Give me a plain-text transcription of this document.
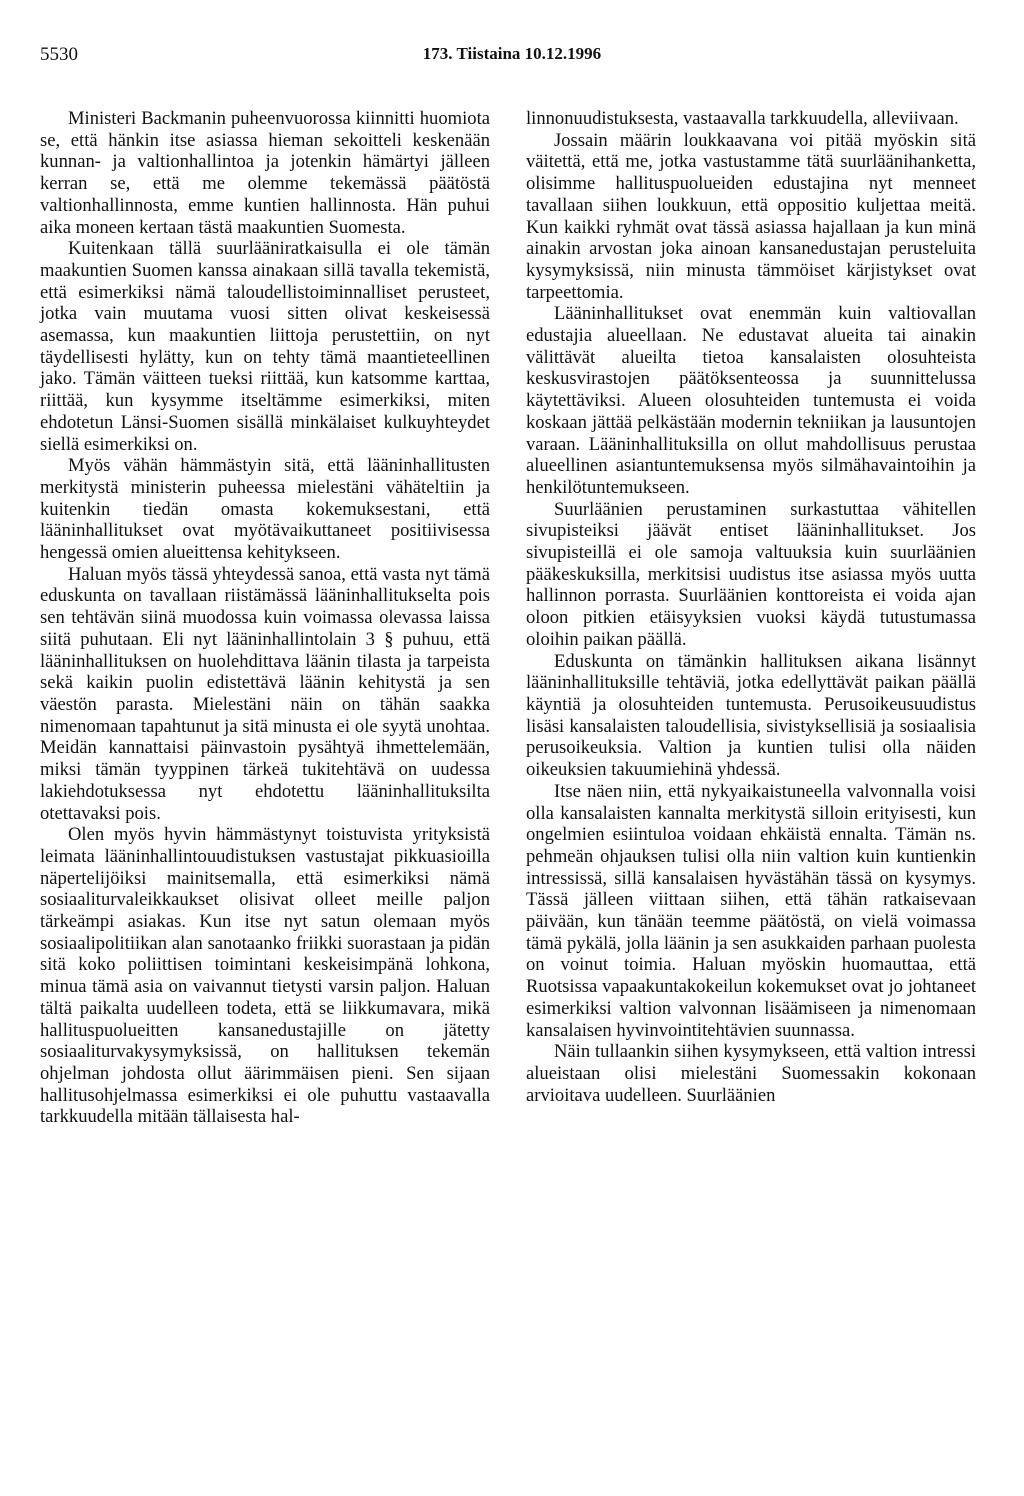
5530	173. Tiistaina 10.12.1996

Ministeri Backmanin puheenvuorossa kiinnitti huomiota se, että hänkin itse asiassa hieman sekoitteli keskenään kunnan- ja valtionhallintoa ja jotenkin hämärtyi jälleen kerran se, että me olemme tekemässä päätöstä valtionhallinnosta, emme kuntien hallinnosta. Hän puhui aika moneen kertaan tästä maakuntien Suomesta.

Kuitenkaan tällä suurlääniratkaisulla ei ole tämän maakuntien Suomen kanssa ainakaan sillä tavalla tekemistä, että esimerkiksi nämä taloudellistoiminnalliset perusteet, jotka vain muutama vuosi sitten olivat keskeisessä asemassa, kun maakuntien liittoja perustettiin, on nyt täydellisesti hylätty, kun on tehty tämä maantieteellinen jako. Tämän väitteen tueksi riittää, kun katsomme karttaa, riittää, kun kysymme itseltämme esimerkiksi, miten ehdotetun Länsi-Suomen sisällä minkälaiset kulkuyhteydet siellä esimerkiksi on.

Myös vähän hämmästyin sitä, että lääninhallitusten merkitystä ministerin puheessa mielestäni vähäteltiin ja kuitenkin tiedän omasta kokemuksestani, että lääninhallitukset ovat myötävaikuttaneet positiivisessa hengessä omien alueittensa kehitykseen.

Haluan myös tässä yhteydessä sanoa, että vasta nyt tämä eduskunta on tavallaan riistämässä lääninhallitukselta pois sen tehtävän siinä muodossa kuin voimassa olevassa laissa siitä puhutaan. Eli nyt lääninhallintolain 3 § puhuu, että lääninhallituksen on huolehdittava läänin tilasta ja tarpeista sekä kaikin puolin edistettävä läänin kehitystä ja sen väestön parasta. Mielestäni näin on tähän saakka nimenomaan tapahtunut ja sitä minusta ei ole syytä unohtaa. Meidän kannattaisi päinvastoin pysähtyä ihmettelemään, miksi tämän tyyppinen tärkeä tukitehtävä on uudessa lakiehdotuksessa nyt ehdotettu lääninhallituksilta otettavaksi pois.

Olen myös hyvin hämmästynyt toistuvista yrityksistä leimata lääninhallintouudistuksen vastustajat pikkuasioilla näpertelijöiksi mainitsemalla, että esimerkiksi nämä sosiaaliturvaleikkaukset olisivat olleet meille paljon tärkeämpi asiakas. Kun itse nyt satun olemaan myös sosiaalipolitiikan alan sanotaanko friikki suorastaan ja pidän sitä koko poliittisen toimintani keskeisimpänä lohkona, minua tämä asia on vaivannut tietysti varsin paljon. Haluan tältä paikalta uudelleen todeta, että se liikkumavara, mikä hallituspuolueitten kansanedustajille on jätetty sosiaaliturvakysymyksissä, on hallituksen tekemän ohjelman johdosta ollut äärimmäisen pieni. Sen sijaan hallitusohjelmassa esimerkiksi ei ole puhuttu vastaavalla tarkkuudella mitään tällaisesta hal-

linnonuudistuksesta, vastaavalla tarkkuudella, alleviivaan.

Jossain määrin loukkaavana voi pitää myöskin sitä väitettä, että me, jotka vastustamme tätä suurläänihanketta, olisimme hallituspuolueiden edustajina nyt menneet tavallaan siihen loukkuun, että oppositio kuljettaa meitä. Kun kaikki ryhmät ovat tässä asiassa hajallaan ja kun minä ainakin arvostan joka ainoan kansanedustajan perusteluita kysymyksissä, niin minusta tämmöiset kärjistykset ovat tarpeettomia.

Lääninhallitukset ovat enemmän kuin valtiovallan edustajia alueellaan. Ne edustavat alueita tai ainakin välittävät alueilta tietoa kansalaisten olosuhteista keskusvirastojen päätöksenteossa ja suunnittelussa käytettäviksi. Alueen olosuhteiden tuntemusta ei voida koskaan jättää pelkästään modernin tekniikan ja lausuntojen varaan. Lääninhallituksilla on ollut mahdollisuus perustaa alueellinen asiantuntemuksensa myös silmähavaintoihin ja henkilötuntemukseen.

Suurläänien perustaminen surkastuttaa vähitellen sivupisteiksi jäävät entiset lääninhallitukset. Jos sivupisteillä ei ole samoja valtuuksia kuin suurläänien pääkeskuksilla, merkitsisi uudistus itse asiassa myös uutta hallinnon porrasta. Suurläänien konttoreista ei voida ajan oloon pitkien etäisyyksien vuoksi käydä tutustumassa oloihin paikan päällä.

Eduskunta on tämänkin hallituksen aikana lisännyt lääninhallituksille tehtäviä, jotka edellyttävät paikan päällä käyntiä ja olosuhteiden tuntemusta. Perusoikeusuudistus lisäsi kansalaisten taloudellisia, sivistyksellisiä ja sosiaalisia perusoikeuksia. Valtion ja kuntien tulisi olla näiden oikeuksien takuumiehinä yhdessä.

Itse näen niin, että nykyaikaistuneella valvonnalla voisi olla kansalaisten kannalta merkitystä silloin erityisesti, kun ongelmien esiintuloa voidaan ehkäistä ennalta. Tämän ns. pehmeän ohjauksen tulisi olla niin valtion kuin kuntienkin intressissä, sillä kansalaisen hyvästähän tässä on kysymys. Tässä jälleen viittaan siihen, että tähän ratkaisevaan päivään, kun tänään teemme päätöstä, on vielä voimassa tämä pykälä, jolla läänin ja sen asukkaiden parhaan puolesta on voinut toimia. Haluan myöskin huomauttaa, että Ruotsissa vapaakuntakokeilun kokemukset ovat jo johtaneet esimerkiksi valtion valvonnan lisäämiseen ja nimenomaan kansalaisen hyvinvointitehtävien suunnassa.

Näin tullaankin siihen kysymykseen, että valtion intressi alueistaan olisi mielestäni Suomessakin kokonaan arvioitava uudelleen. Suurläänien
